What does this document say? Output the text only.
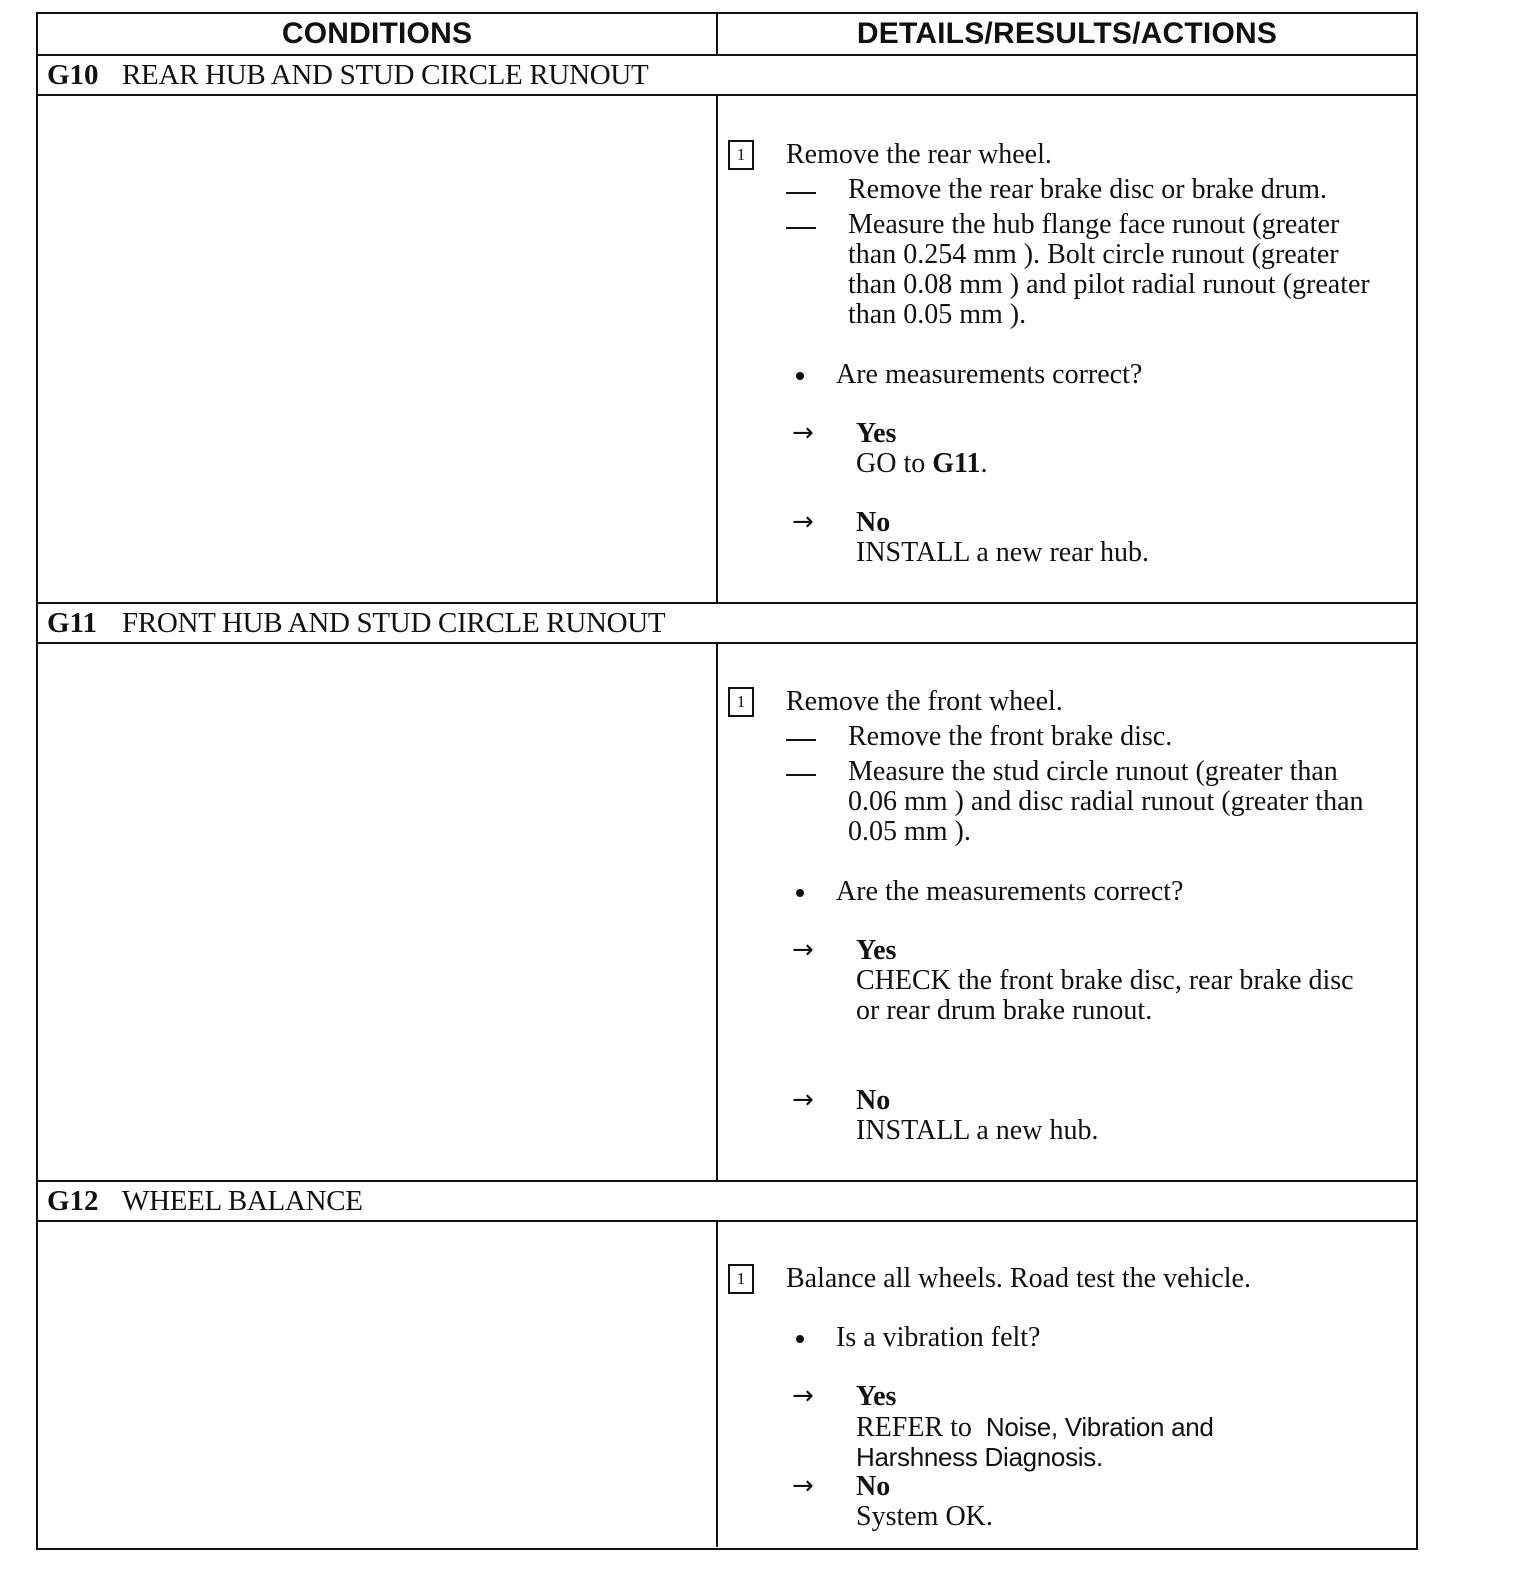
CONDITIONS	DETAILS/RESULTS/ACTIONS
G10 REAR HUB AND STUD CIRCLE RUNOUT
1	Remove the rear wheel.
Remove the rear brake disc or brake drum.
Measure the hub flange face runout (greater
than 0.254 mm ). Bolt circle runout (greater
than 0.08 mm ) and pilot radial runout (greater
than 0.05 mm ).
Are measurements correct?
→ Yes
GO to G11.
→ No
INSTALL a new rear hub.
G11 FRONT HUB AND STUD CIRCLE RUNOUT
1	Remove the front wheel.
Remove the front brake disc.
Measure the stud circle runout (greater than
0.06 mm ) and disc radial runout (greater than
0.05 mm ).
Are the measurements correct?
→ Yes
CHECK the front brake disc, rear brake disc
or rear drum brake runout.
→ No
INSTALL a new hub.
G12 WHEEL BALANCE
1	Balance all wheels. Road test the vehicle.
Is a vibration felt?
→ Yes
REFER to Noise, Vibration and
Harshness Diagnosis.
→ No
System OK.
